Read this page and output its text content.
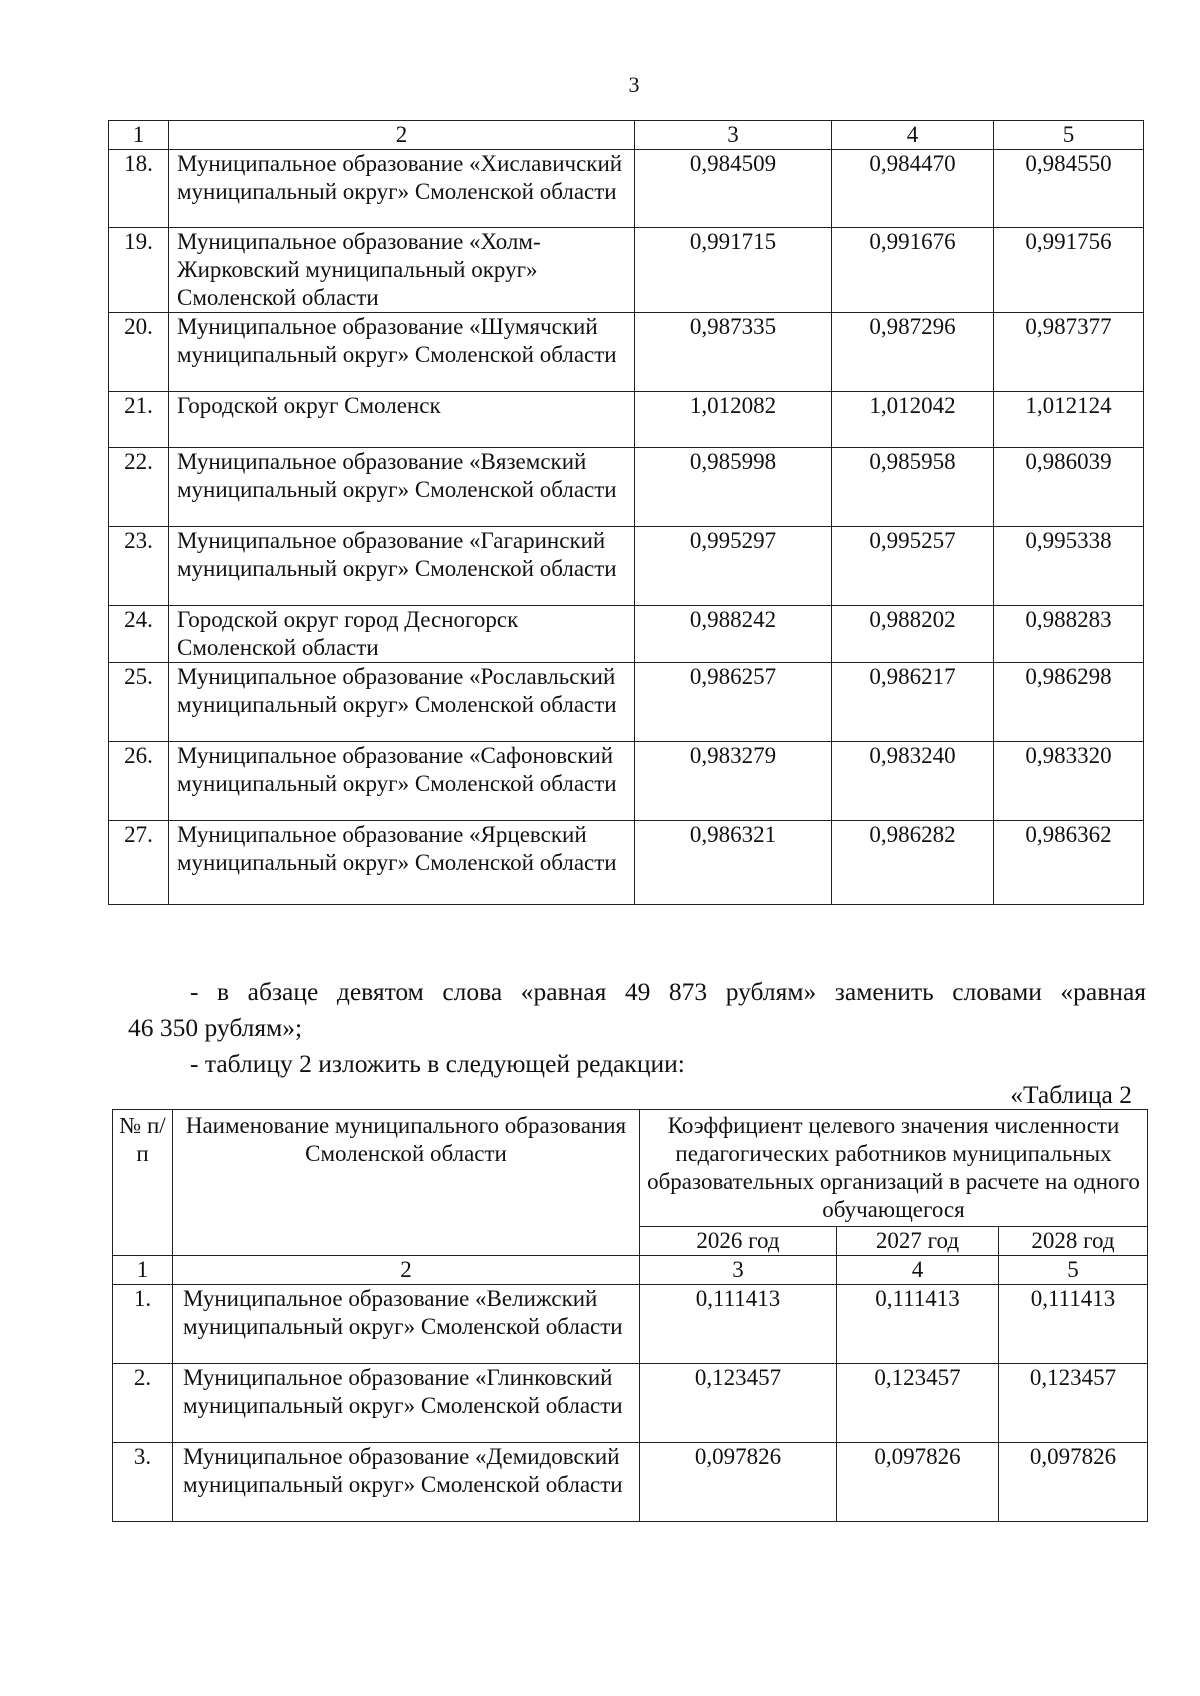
3
1	2	3	4	5
18.	Муниципальное образование «Хиславичский муниципальный округ» Смоленской области	0,984509	0,984470	0,984550
19.	Муниципальное образование «Холм-Жирковский муниципальный округ» Смоленской области	0,991715	0,991676	0,991756
20.	Муниципальное образование «Шумячский муниципальный округ» Смоленской области	0,987335	0,987296	0,987377
21.	Городской округ Смоленск	1,012082	1,012042	1,012124
22.	Муниципальное образование «Вяземский муниципальный округ» Смоленской области	0,985998	0,985958	0,986039
23.	Муниципальное образование «Гагаринский муниципальный округ» Смоленской области	0,995297	0,995257	0,995338
24.	Городской округ город Десногорск Смоленской области	0,988242	0,988202	0,988283
25.	Муниципальное образование «Рославльский муниципальный округ» Смоленской области	0,986257	0,986217	0,986298
26.	Муниципальное образование «Сафоновский муниципальный округ» Смоленской области	0,983279	0,983240	0,983320
27.	Муниципальное образование «Ярцевский муниципальный округ» Смоленской области	0,986321	0,986282	0,986362
- в абзаце девятом слова «равная 49 873 рублям» заменить словами «равная
46 350 рублям»;
- таблицу 2 изложить в следующей редакции:
«Таблица 2
№ п/п	Наименование муниципального образования Смоленской области	Коэффициент целевого значения численности педагогических работников муниципальных образовательных организаций в расчете на одного обучающегося		
		2026 год	2027 год	2028 год
1	2	3	4	5
1.	Муниципальное образование «Велижский муниципальный округ» Смоленской области	0,111413	0,111413	0,111413
2.	Муниципальное образование «Глинковский муниципальный округ» Смоленской области	0,123457	0,123457	0,123457
3.	Муниципальное образование «Демидовский муниципальный округ» Смоленской области	0,097826	0,097826	0,097826
